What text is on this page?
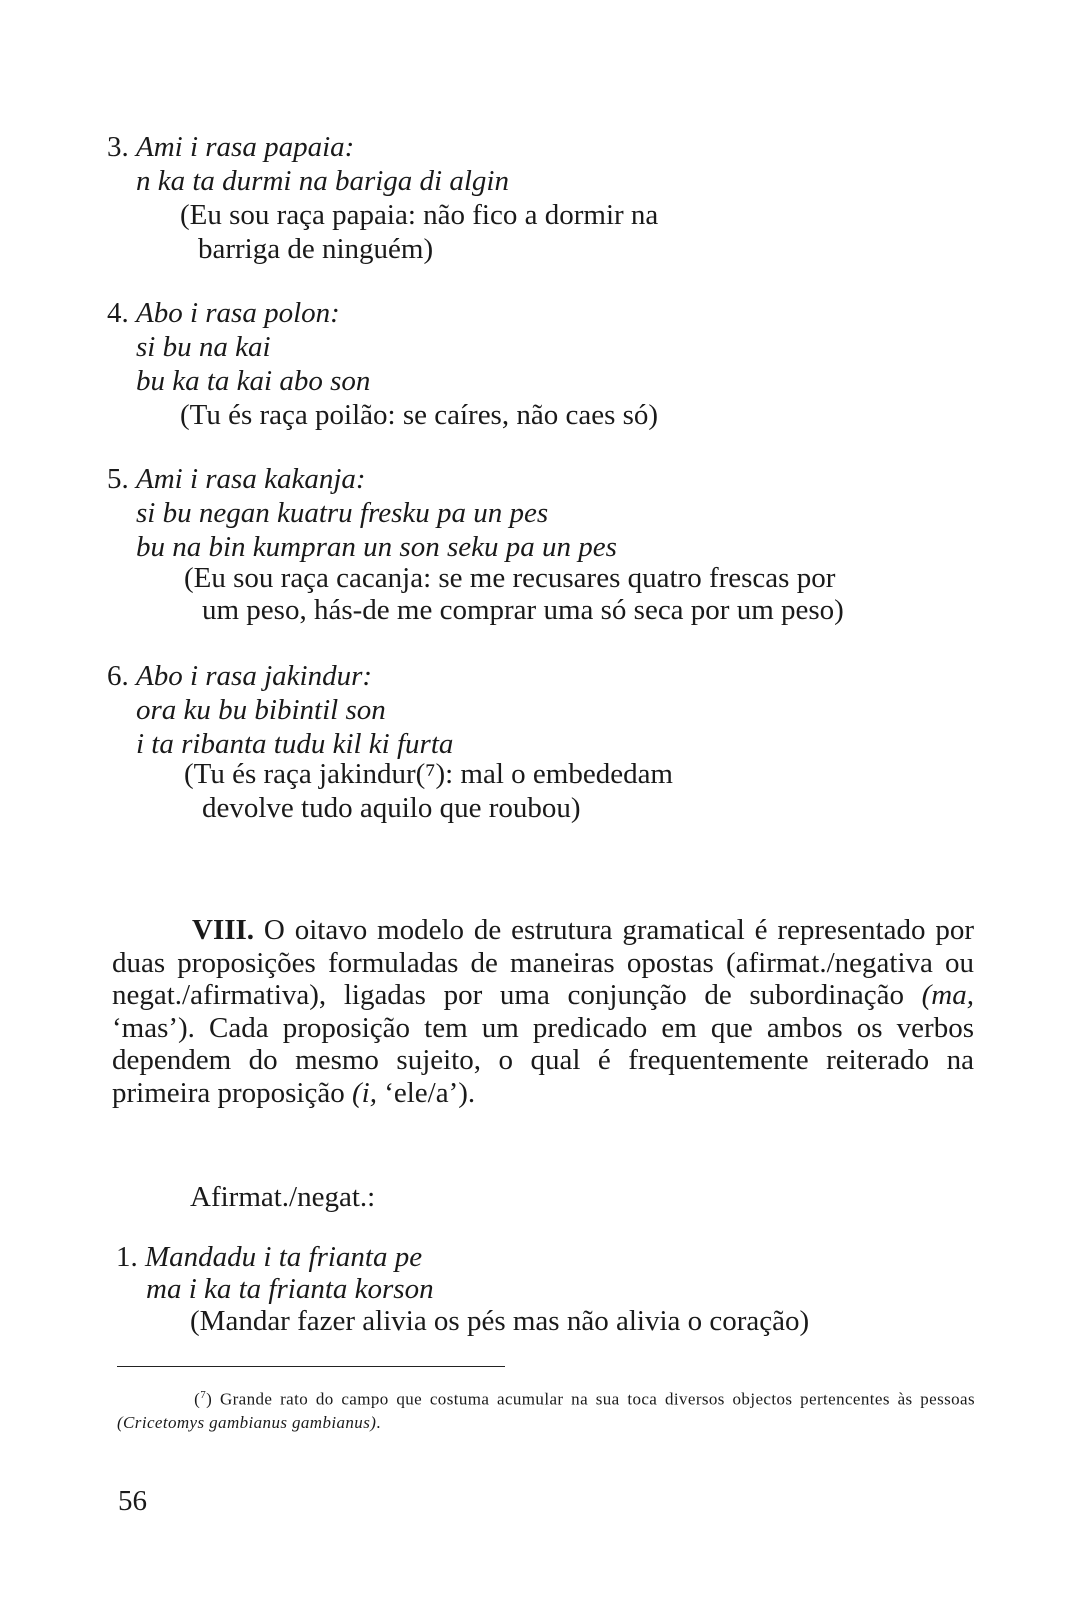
3. Ami i rasa papaia:
n ka ta durmi na bariga di algin
(Eu sou raça papaia: não fico a dormir na
barriga de ninguém)
4. Abo i rasa polon:
si bu na kai
bu ka ta kai abo son
(Tu és raça poilão: se caíres, não caes só)
5. Ami i rasa kakanja:
si bu negan kuatru fresku pa un pes
bu na bin kumpran un son seku pa un pes
(Eu sou raça cacanja: se me recusares quatro frescas por
um peso, hás-de me comprar uma só seca por um peso)
6. Abo i rasa jakindur:
ora ku bu bibintil son
i ta ribanta tudu kil ki furta
(Tu és raça jakindur(⁷): mal o embededam
devolve tudo aquilo que roubou)
VIII. O oitavo modelo de estrutura gramatical é representado por duas proposições formuladas de maneiras opostas (afirmat./negativa ou negat./afirmativa), ligadas por uma conjunção de subordinação (ma, ‘mas’). Cada proposição tem um predicado em que ambos os verbos dependem do mesmo sujeito, o qual é frequentemente reiterado na primeira proposição (i, ‘ele/a’).
Afirmat./negat.:
1. Mandadu i ta frianta pe
ma i ka ta frianta korson
(Mandar fazer alivia os pés mas não alivia o coração)
($^7$) Grande rato do campo que costuma acumular na sua toca diversos objectos pertencentes às pessoas (Cricetomys gambianus gambianus).
56
